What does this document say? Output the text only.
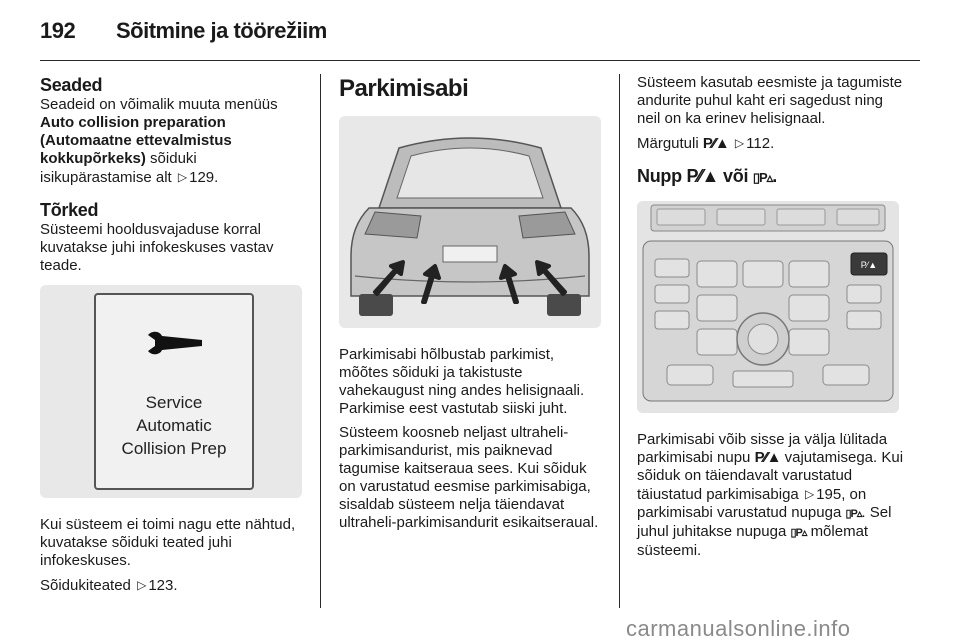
192 Sõitmine ja töörežiim
Seaded

Seadeid on võimalik muuta menüüs
Auto collision preparation
(Automaatne ettevalmistus
kokkupõrkeks) sõiduki
isikupärastamise alt ▷ 129.

Tõrked

Süsteemi hooldusvajaduse korral kuvatakse juhi infokeskuses vastav teade.

Service
Automatic
Collision Prep

Kui süsteem ei toimi nagu ette nähtud, kuvatakse sõiduki teated juhi infokeskuses.

Sõidukiteated ▷ 123.

Parkimisabi

Parkimisabi hõlbustab parkimist, mõõtes sõiduki ja takistuste vahekaugust ning andes helisignaali. Parkimise eest vastutab siiski juht.

Süsteem koosneb neljast ultraheli-parkimisandurist, mis paiknevad tagumise kaitseraua sees. Kui sõiduk on varustatud eesmise parkimisabiga, sisaldab süsteem nelja täiendavat ultraheli-parkimisandurit esikaitseraual.

Süsteem kasutab eesmiste ja tagumiste andurite puhul kaht eri sagedust ning neil on ka erinev helisignaal.

Märgutuli P⁄⁄▲ ▷ 112.

Nupp P⁄⁄▲ või ▯P▵.
P⁄▲

Parkimisabi võib sisse ja välja lülitada parkimisabi nupu P⁄⁄▲ vajutamisega. Kui sõiduk on täiendavalt varustatud täiustatud parkimisabiga ▷ 195, on parkimisabi varustatud nupuga ▯P▵. Sel juhul juhitakse nupuga ▯P▵ mõlemat süsteemi.

carmanualsonline.info
